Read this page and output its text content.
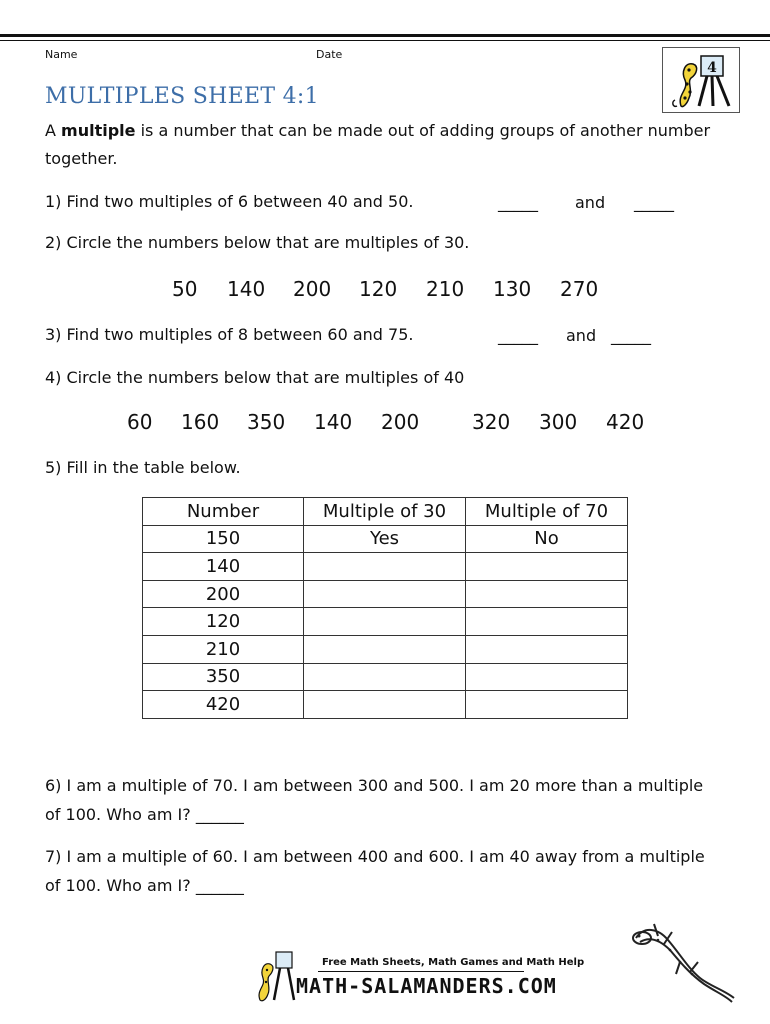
Name	Date
MULTIPLES SHEET 4:1
4

A multiple is a number that can be made out of adding groups of another number

together.

1) Find two multiples of 6 between 40 and 50.	_____ and _____

2) Circle the numbers below that are multiples of 30.

50 140 200 120 210 130 270

3) Find two multiples of 8 between 60 and 75.	_____ and _____

4) Circle the numbers below that are multiples of 40

60 160 350 140 200	320 300 420

5) Fill in the table below.

Number	Multiple of 30	Multiple of 70
150	Yes	No
140		
200		
120		
210		
350		
420		

6) I am a multiple of 70. I am between 300 and 500. I am 20 more than a multiple

of 100. Who am I? ______

7) I am a multiple of 60. I am between 400 and 600. I am 40 away from a multiple

of 100. Who am I? ______

Free Math Sheets, Math Games and Math Help
MATH-SALAMANDERS.COM
